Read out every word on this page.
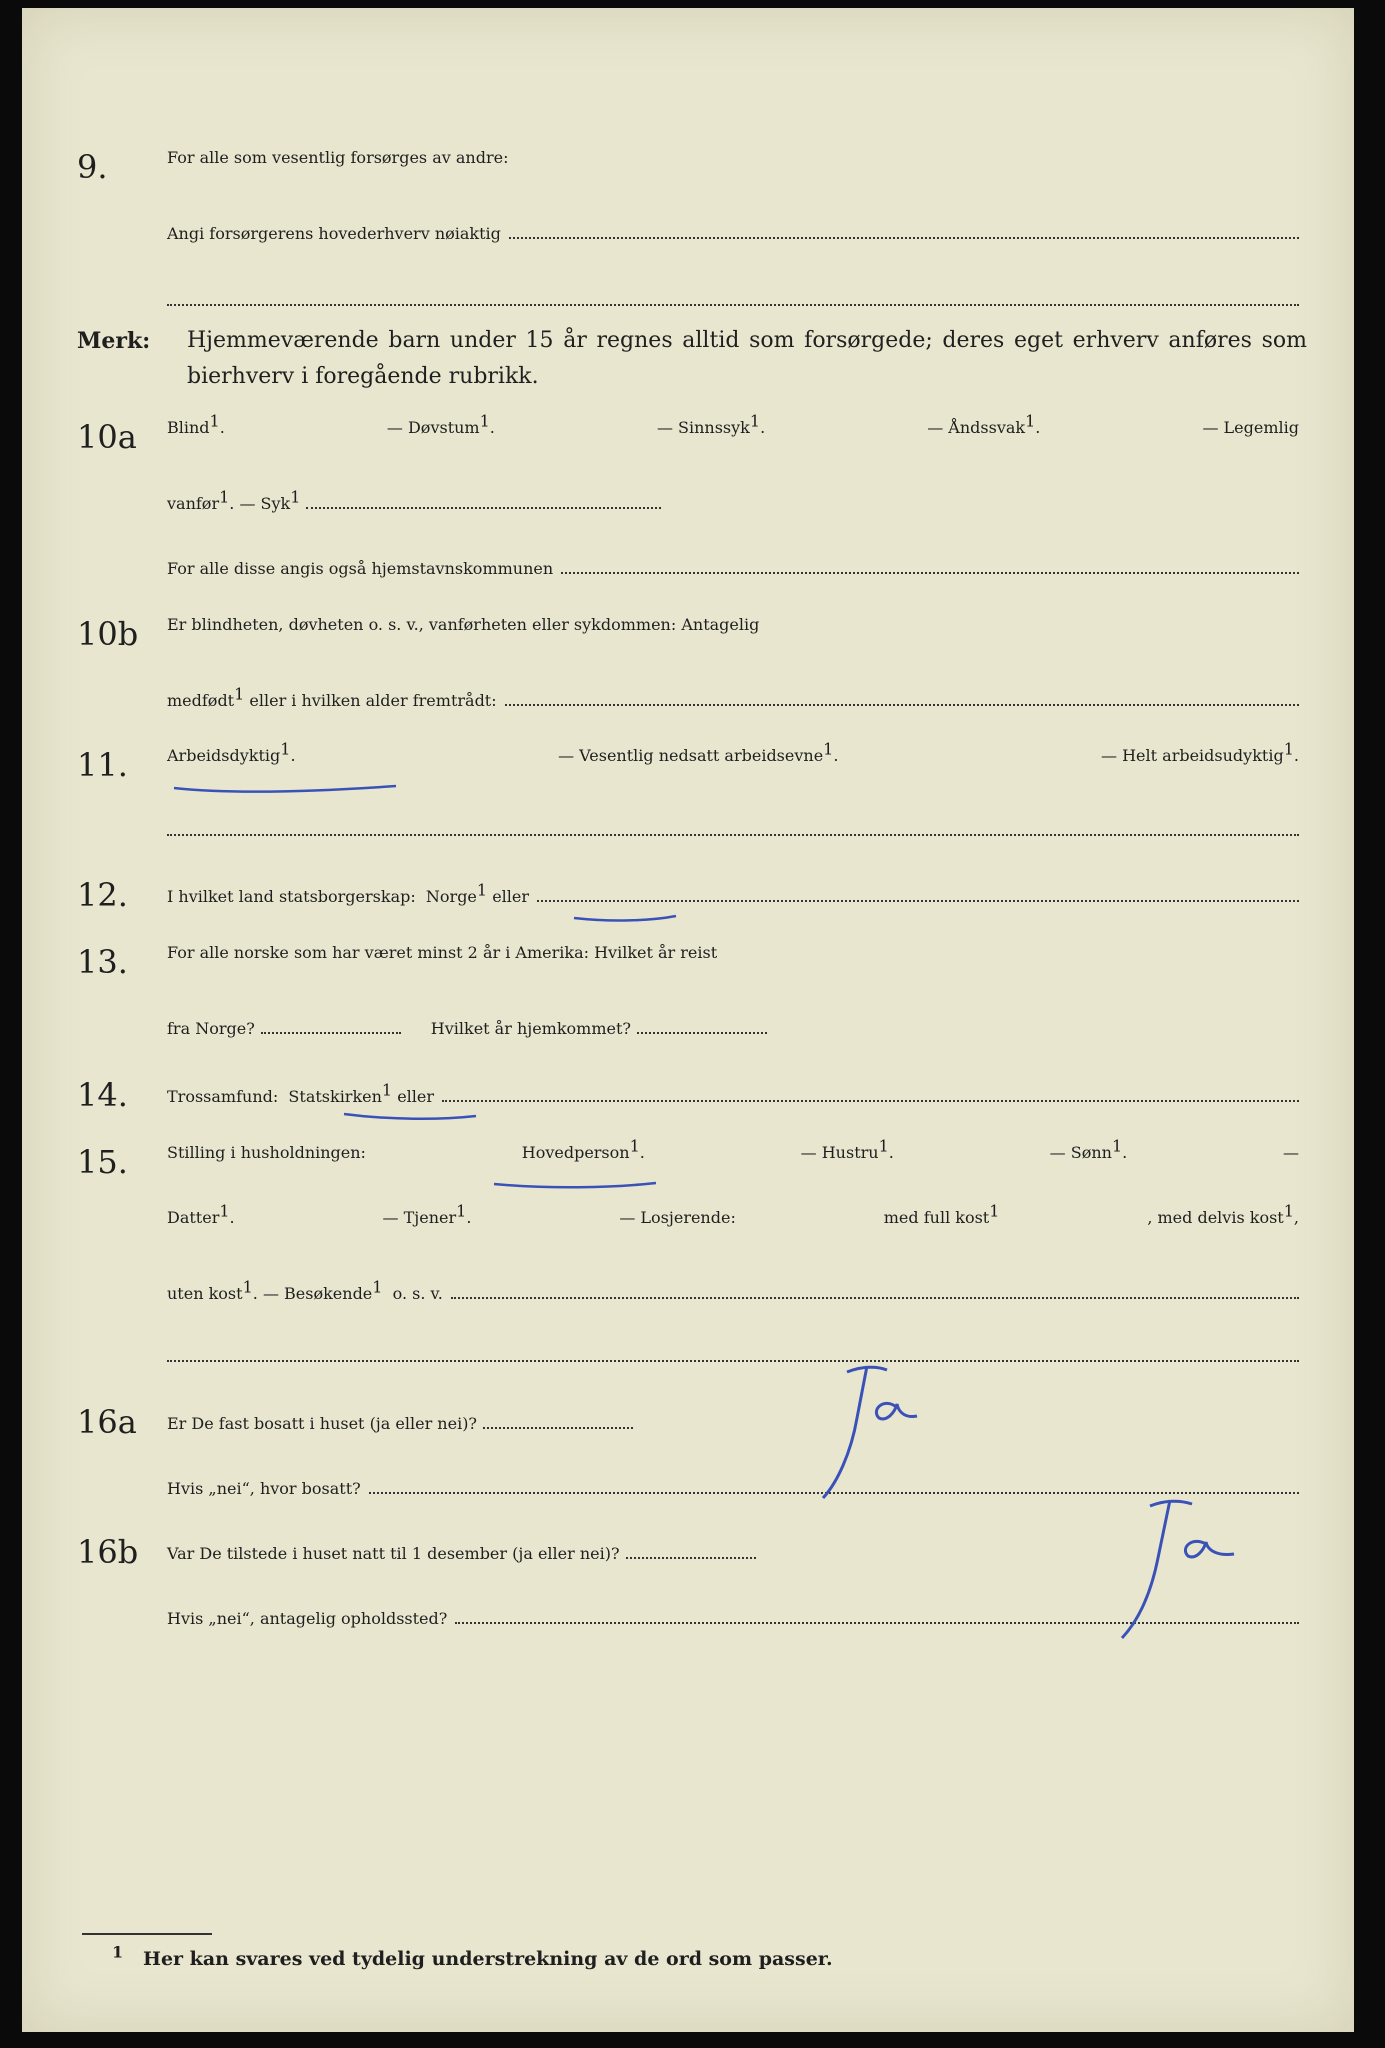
9.	For alle som vesentlig forsørges av andre:
Angi forsørgerens hovederhverv nøiaktig
Merk: Hjemmeværende barn under 15 år regnes alltid som forsørgede; deres eget erhverv anføres som bierhverv i foregående rubrikk.
10a	Blind$^1$.	— Døvstum$^1$.	— Sinnssyk$^1$.	— Åndssvak$^1$.	— Legemlig
vanfør$^1$.
— Syk$^1$
For alle disse angis også hjemstavnskommunen
10b	Er blindheten, døvheten o. s. v., vanførheten eller sykdommen: Antagelig
medfødt$^1$
eller i hvilken alder fremtrådt:
11.	Arbeidsdyktig$^1$.	— Vesentlig nedsatt arbeidsevne$^1$.	— Helt arbeidsudyktig$^1$.
12.	I hvilket land statsborgerskap:
Norge$^1$
eller
13.	For alle norske som har været minst 2 år i Amerika: Hvilket år reist
fra Norge?	Hvilket år hjemkommet?
14.	Trossamfund:
Statskirken$^1$
eller
15.	Stilling i husholdningen:	Hovedperson$^1$.	— Hustru$^1$.	— Sønn$^1$.	—
Datter$^1$.	— Tjener$^1$.	— Losjerende:	med full kost$^1$	, med delvis kost$^1$,
uten kost$^1$.
— Besøkende$^1$
o. s. v.
16a	Er De fast bosatt i huset (ja eller nei)?
Hvis „nei“, hvor bosatt?
16b	Var De tilstede i huset natt til 1 desember (ja eller nei)?
Hvis „nei“, antagelig opholdssted?
$^1$ Her kan svares ved tydelig understrekning av de ord som passer.
